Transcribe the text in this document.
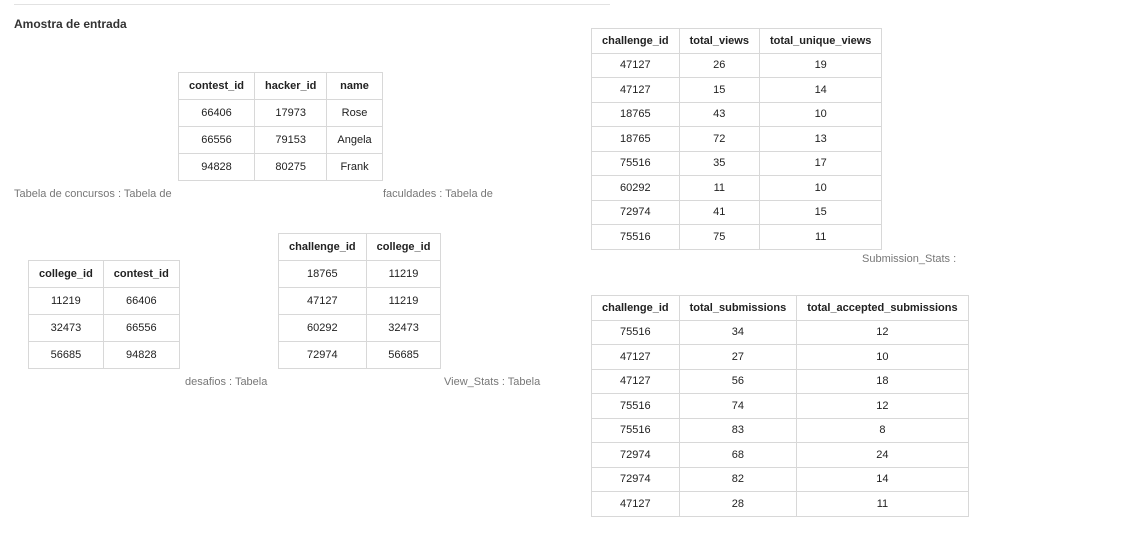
Amostra de entrada
contest_id	hacker_id	name
66406	17973	Rose
66556	79153	Angela
94828	80275	Frank
Tabela de concursos : Tabela de	faculdades : Tabela de
college_id	contest_id
11219	66406
32473	66556
56685	94828
desafios : Tabela
challenge_id	college_id
18765	11219
47127	11219
60292	32473
72974	56685
View_Stats : Tabela
challenge_id	total_views	total_unique_views
47127	26	19
47127	15	14
18765	43	10
18765	72	13
75516	35	17
60292	11	10
72974	41	15
75516	75	11
Submission_Stats :
challenge_id	total_submissions	total_accepted_submissions
75516	34	12
47127	27	10
47127	56	18
75516	74	12
75516	83	8
72974	68	24
72974	82	14
47127	28	11
